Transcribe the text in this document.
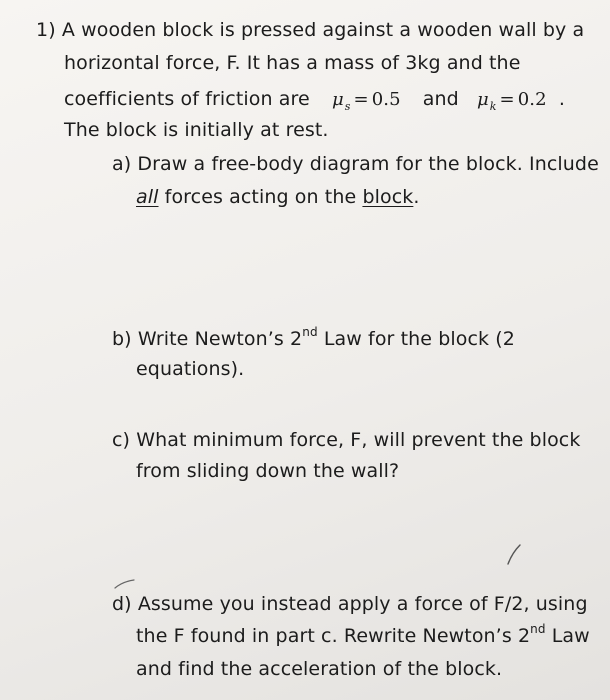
1) A wooden block is pressed against a wooden wall by a
horizontal force, F. It has a mass of 3kg and the
coefficients of friction are $\mu_s = 0.5$ and $\mu_k = 0.2$ .
The block is initially at rest.
a) Draw a free-body diagram for the block. Include
all forces acting on the block.
b) Write Newton’s 2nd Law for the block (2
equations).
c) What minimum force, F, will prevent the block
from sliding down the wall?
d) Assume you instead apply a force of F/2, using
the F found in part c. Rewrite Newton’s 2nd Law
and find the acceleration of the block.
